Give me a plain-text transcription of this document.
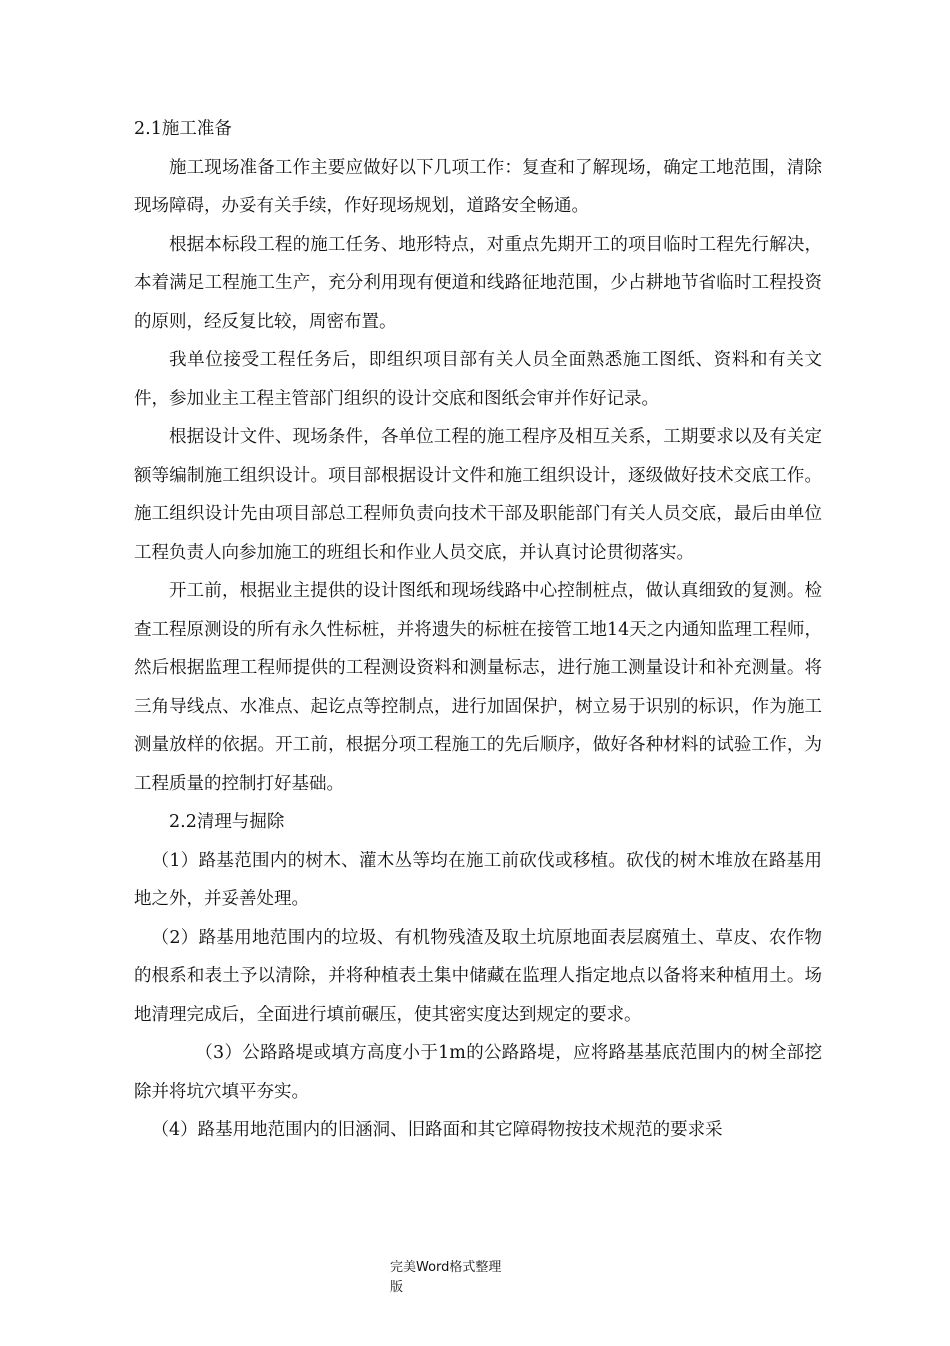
2.1施工准备

施工现场准备工作主要应做好以下几项工作：复查和了解现场，确定工地范围，清除现场障碍，办妥有关手续，作好现场规划，道路安全畅通。

根据本标段工程的施工任务、地形特点，对重点先期开工的项目临时工程先行解决，本着满足工程施工生产，充分利用现有便道和线路征地范围，少占耕地节省临时工程投资的原则，经反复比较，周密布置。

我单位接受工程任务后，即组织项目部有关人员全面熟悉施工图纸、资料和有关文件，参加业主工程主管部门组织的设计交底和图纸会审并作好记录。

根据设计文件、现场条件，各单位工程的施工程序及相互关系，工期要求以及有关定额等编制施工组织设计。项目部根据设计文件和施工组织设计，逐级做好技术交底工作。施工组织设计先由项目部总工程师负责向技术干部及职能部门有关人员交底，最后由单位工程负责人向参加施工的班组长和作业人员交底，并认真讨论贯彻落实。

开工前，根据业主提供的设计图纸和现场线路中心控制桩点，做认真细致的复测。检查工程原测设的所有永久性标桩，并将遗失的标桩在接管工地14天之内通知监理工程师，然后根据监理工程师提供的工程测设资料和测量标志，进行施工测量设计和补充测量。将三角导线点、水准点、起讫点等控制点，进行加固保护，树立易于识别的标识，作为施工测量放样的依据。开工前，根据分项工程施工的先后顺序，做好各种材料的试验工作，为工程质量的控制打好基础。

2.2清理与掘除

（1）路基范围内的树木、灌木丛等均在施工前砍伐或移植。砍伐的树木堆放在路基用地之外，并妥善处理。

（2）路基用地范围内的垃圾、有机物残渣及取土坑原地面表层腐殖土、草皮、农作物的根系和表土予以清除，并将种植表土集中储藏在监理人指定地点以备将来种植用土。场地清理完成后，全面进行填前碾压，使其密实度达到规定的要求。

（3）公路路堤或填方高度小于1m的公路路堤，应将路基基底范围内的树全部挖除并将坑穴填平夯实。

（4）路基用地范围内的旧涵洞、旧路面和其它障碍物按技术规范的要求采

完美Word格式整理
版
